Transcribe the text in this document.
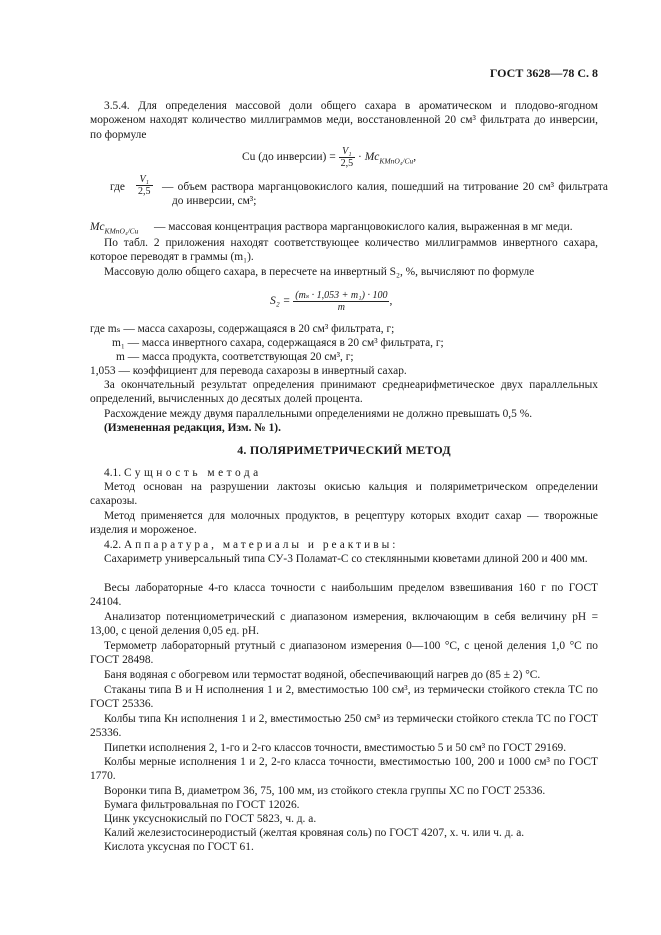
ГОСТ 3628—78 С. 8

3.5.4. Для определения массовой доли общего сахара в ароматическом и плодово-ягодном мороженом находят количество миллиграммов меди, восстановленной 20 см³ фильтрата до инверсии, по формуле

Cu (до инверсии) = $\frac{\text{V₁}}{2,5} \cdot Mc_{KMnO_4/Cu}$,
где $\frac{\text{V₁}}{2,5}$ — объем раствора марганцовокислого калия, пошедший на титрование 20 см³ фильтрата до инверсии, см³;

$Mc_{KMnO_4/Cu}$ — массовая концентрация раствора марганцовокислого калия, выраженная в мг меди.

По табл. 2 приложения находят соответствующее количество миллиграммов инвертного сахара, которое переводят в граммы (m₁).

Массовую долю общего сахара, в пересчете на инвертный S₂, %, вычисляют по формуле

$S_2 = \frac{\text{(mₛ · 1,053 + m₁) · 100}}{m}$ ,
где mₛ — масса сахарозы, содержащаяся в 20 см³ фильтрата, г;
m₁ — масса инвертного сахара, содержащаяся в 20 см³ фильтрата, г;
m — масса продукта, соответствующая 20 см³, г;
1,053 — коэффициент для перевода сахарозы в инвертный сахар.

За окончательный результат определения принимают среднеарифметическое двух параллельных определений, вычисленных до десятых долей процента.

Расхождение между двумя параллельными определениями не должно превышать 0,5 %.

(Измененная редакция, Изм. № 1).

4. ПОЛЯРИМЕТРИЧЕСКИЙ МЕТОД
4.1. Сущность метода

Метод основан на разрушении лактозы окисью кальция и поляриметрическом определении сахарозы.

Метод применяется для молочных продуктов, в рецептуру которых входит сахар — творожные изделия и мороженое.

4.2. Аппаратура, материалы и реактивы:

Сахариметр универсальный типа СУ-3 Поламат-С со стеклянными кюветами длиной 200 и 400 мм.

Весы лабораторные 4-го класса точности с наибольшим пределом взвешивания 160 г по ГОСТ 24104.

Анализатор потенциометрический с диапазоном измерения, включающим в себя величину рН = 13,00, с ценой деления 0,05 ед. рН.

Термометр лабораторный ртутный с диапазоном измерения 0—100 °С, с ценой деления 1,0 °С по ГОСТ 28498.

Баня водяная с обогревом или термостат водяной, обеспечивающий нагрев до (85 ± 2) °С.

Стаканы типа В и Н исполнения 1 и 2, вместимостью 100 см³, из термически стойкого стекла ТС по ГОСТ 25336.

Колбы типа Кн исполнения 1 и 2, вместимостью 250 см³ из термически стойкого стекла ТС по ГОСТ 25336.

Пипетки исполнения 2, 1-го и 2-го классов точности, вместимостью 5 и 50 см³ по ГОСТ 29169.

Колбы мерные исполнения 1 и 2, 2-го класса точности, вместимостью 100, 200 и 1000 см³ по ГОСТ 1770.

Воронки типа В, диаметром 36, 75, 100 мм, из стойкого стекла группы ХС по ГОСТ 25336.

Бумага фильтровальная по ГОСТ 12026.

Цинк уксуснокислый по ГОСТ 5823, ч. д. а.

Калий железистосинеродистый (желтая кровяная соль) по ГОСТ 4207, х. ч. или ч. д. а.

Кислота уксусная по ГОСТ 61.
